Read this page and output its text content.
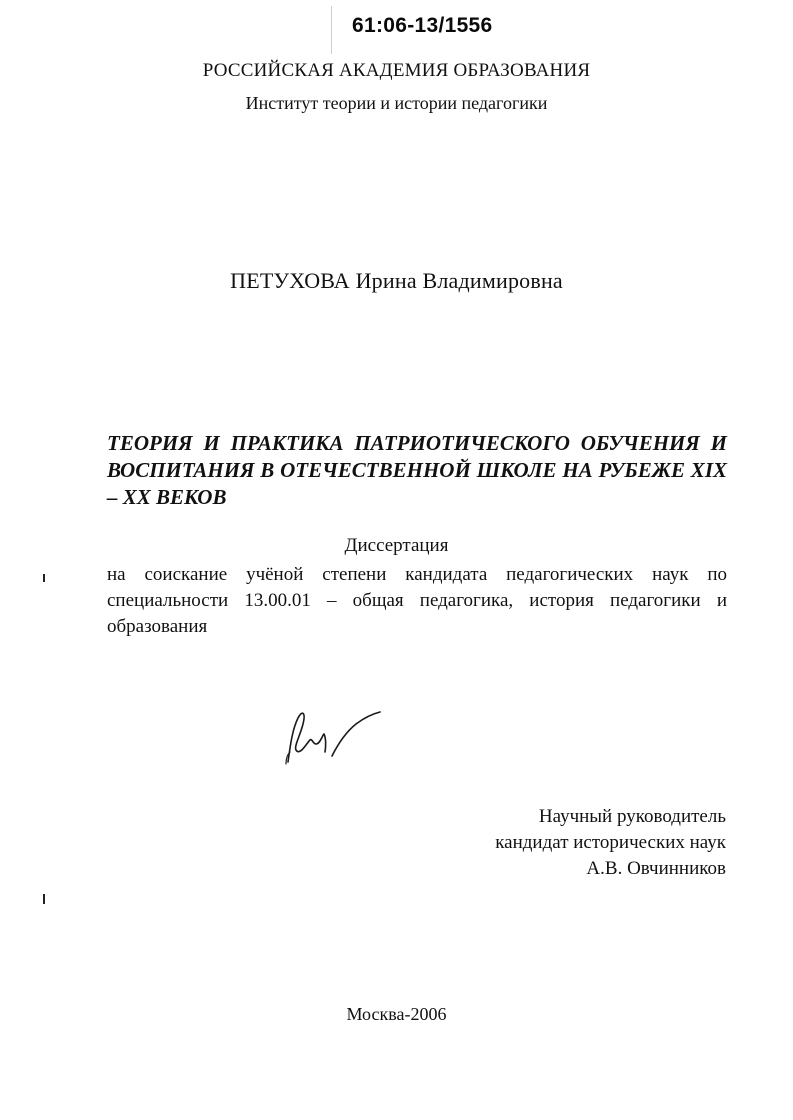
61:06-13/1556
РОССИЙСКАЯ АКАДЕМИЯ ОБРАЗОВАНИЯ
Институт теории и истории педагогики
ПЕТУХОВА Ирина Владимировна
ТЕОРИЯ И ПРАКТИКА ПАТРИОТИЧЕСКОГО ОБУЧЕНИЯ И ВОСПИТАНИЯ В ОТЕЧЕСТВЕННОЙ ШКОЛЕ НА РУБЕЖЕ XIX – XX ВЕКОВ
Диссертация
на соискание учёной степени кандидата педагогических наук по специальности 13.00.01 – общая педагогика, история педагогики и образования
Научный руководитель
кандидат исторических наук
А.В. Овчинников
Москва-2006
